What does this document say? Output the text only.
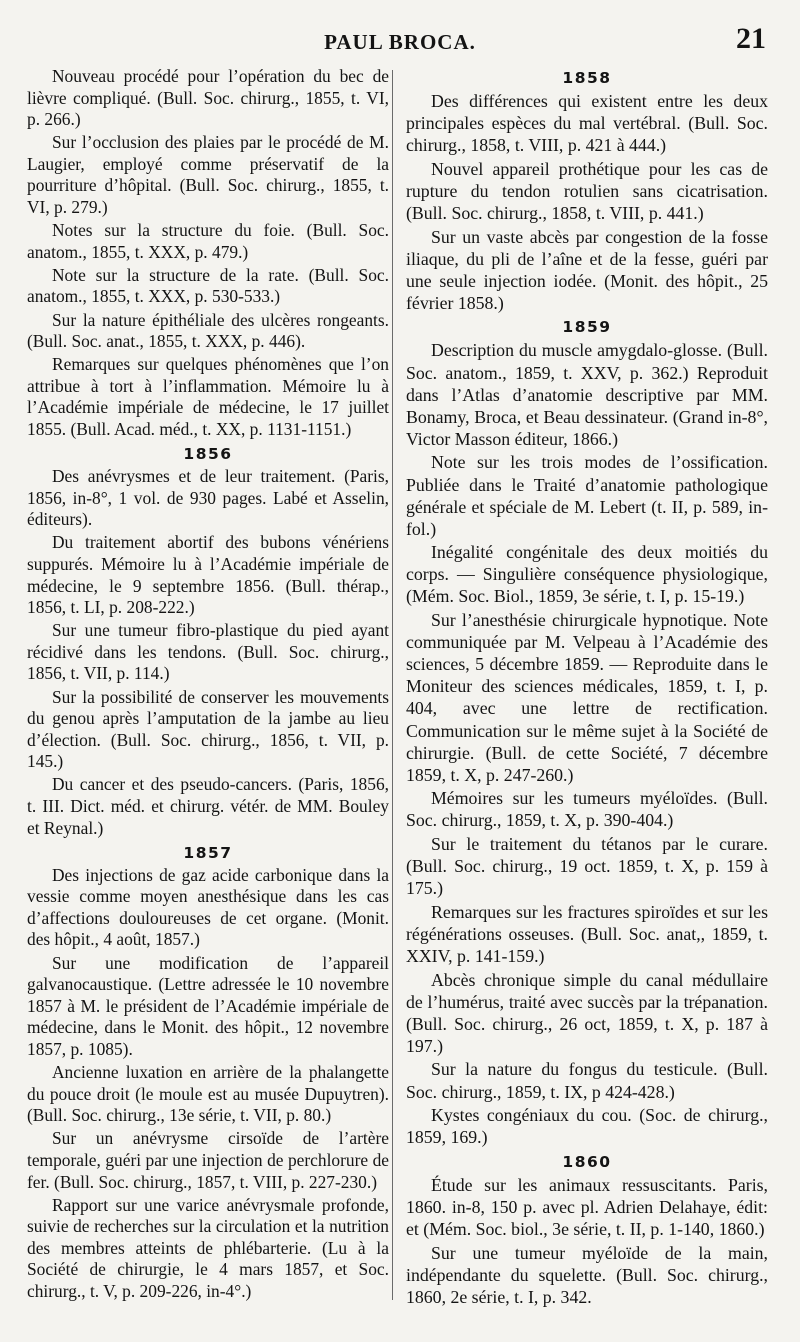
PAUL BROCA.	21

Nouveau procédé pour l’opération du bec de lièvre compliqué. (Bull. Soc. chirurg., 1855, t. VI, p. 266.)

Sur l’occlusion des plaies par le procédé de M. Laugier, employé comme préservatif de la pourriture d’hôpital. (Bull. Soc. chirurg., 1855, t. VI, p. 279.)

Notes sur la structure du foie. (Bull. Soc. anatom., 1855, t. XXX, p. 479.)

Note sur la structure de la rate. (Bull. Soc. anatom., 1855, t. XXX, p. 530-533.)

Sur la nature épithéliale des ulcères rongeants. (Bull. Soc. anat., 1855, t. XXX, p. 446).

Remarques sur quelques phénomènes que l’on attribue à tort à l’inflammation. Mémoire lu à l’Académie impériale de médecine, le 17 juillet 1855. (Bull. Acad. méd., t. XX, p. 1131-1151.)

1856

Des anévrysmes et de leur traitement. (Paris, 1856, in-8°, 1 vol. de 930 pages. Labé et Asselin, éditeurs).

Du traitement abortif des bubons vénériens suppurés. Mémoire lu à l’Académie impériale de médecine, le 9 septembre 1856. (Bull. thérap., 1856, t. LI, p. 208-222.)

Sur une tumeur fibro-plastique du pied ayant récidivé dans les tendons. (Bull. Soc. chirurg., 1856, t. VII, p. 114.)

Sur la possibilité de conserver les mouvements du genou après l’amputation de la jambe au lieu d’élection. (Bull. Soc. chirurg., 1856, t. VII, p. 145.)

Du cancer et des pseudo-cancers. (Paris, 1856, t. III. Dict. méd. et chirurg. vétér. de MM. Bouley et Reynal.)

1857

Des injections de gaz acide carbonique dans la vessie comme moyen anesthésique dans les cas d’affections douloureuses de cet organe. (Monit. des hôpit., 4 août, 1857.)

Sur une modification de l’appareil galvanocaustique. (Lettre adressée le 10 novembre 1857 à M. le président de l’Académie impériale de médecine, dans le Monit. des hôpit., 12 novembre 1857, p. 1085).

Ancienne luxation en arrière de la phalangette du pouce droit (le moule est au musée Dupuytren). (Bull. Soc. chirurg., 13e série, t. VII, p. 80.)

Sur un anévrysme cirsoïde de l’artère temporale, guéri par une injection de perchlorure de fer. (Bull. Soc. chirurg., 1857, t. VIII, p. 227-230.)

Rapport sur une varice anévrysmale profonde, suivie de recherches sur la circulation et la nutrition des membres atteints de phlébarterie. (Lu à la Société de chirurgie, le 4 mars 1857, et Soc. chirurg., t. V, p. 209-226, in-4°.)

1858

Des différences qui existent entre les deux principales espèces du mal vertébral. (Bull. Soc. chirurg., 1858, t. VIII, p. 421 à 444.)

Nouvel appareil prothétique pour les cas de rupture du tendon rotulien sans cicatrisation. (Bull. Soc. chirurg., 1858, t. VIII, p. 441.)

Sur un vaste abcès par congestion de la fosse iliaque, du pli de l’aîne et de la fesse, guéri par une seule injection iodée. (Monit. des hôpit., 25 février 1858.)

1859

Description du muscle amygdalo-glosse. (Bull. Soc. anatom., 1859, t. XXV, p. 362.) Reproduit dans l’Atlas d’anatomie descriptive par MM. Bonamy, Broca, et Beau dessinateur. (Grand in-8°, Victor Masson éditeur, 1866.)

Note sur les trois modes de l’ossification. Publiée dans le Traité d’anatomie pathologique générale et spéciale de M. Lebert (t. II, p. 589, in-fol.)

Inégalité congénitale des deux moitiés du corps. — Singulière conséquence physiologique, (Mém. Soc. Biol., 1859, 3e série, t. I, p. 15-19.)

Sur l’anesthésie chirurgicale hypnotique. Note communiquée par M. Velpeau à l’Académie des sciences, 5 décembre 1859. — Reproduite dans le Moniteur des sciences médicales, 1859, t. I, p. 404, avec une lettre de rectification. Communication sur le même sujet à la Société de chirurgie. (Bull. de cette Société, 7 décembre 1859, t. X, p. 247-260.)

Mémoires sur les tumeurs myéloïdes. (Bull. Soc. chirurg., 1859, t. X, p. 390-404.)

Sur le traitement du tétanos par le curare. (Bull. Soc. chirurg., 19 oct. 1859, t. X, p. 159 à 175.)

Remarques sur les fractures spiroïdes et sur les régénérations osseuses. (Bull. Soc. anat,, 1859, t. XXIV, p. 141-159.)

Abcès chronique simple du canal médullaire de l’humérus, traité avec succès par la trépanation. (Bull. Soc. chirurg., 26 oct, 1859, t. X, p. 187 à 197.)

Sur la nature du fongus du testicule. (Bull. Soc. chirurg., 1859, t. IX, p 424-428.)

Kystes congéniaux du cou. (Soc. de chirurg., 1859, 169.)

1860

Étude sur les animaux ressuscitants. Paris, 1860. in-8, 150 p. avec pl. Adrien Delahaye, édit: et (Mém. Soc. biol., 3e série, t. II, p. 1-140, 1860.)

Sur une tumeur myéloïde de la main, indépendante du squelette. (Bull. Soc. chirurg., 1860, 2e série, t. I, p. 342.
